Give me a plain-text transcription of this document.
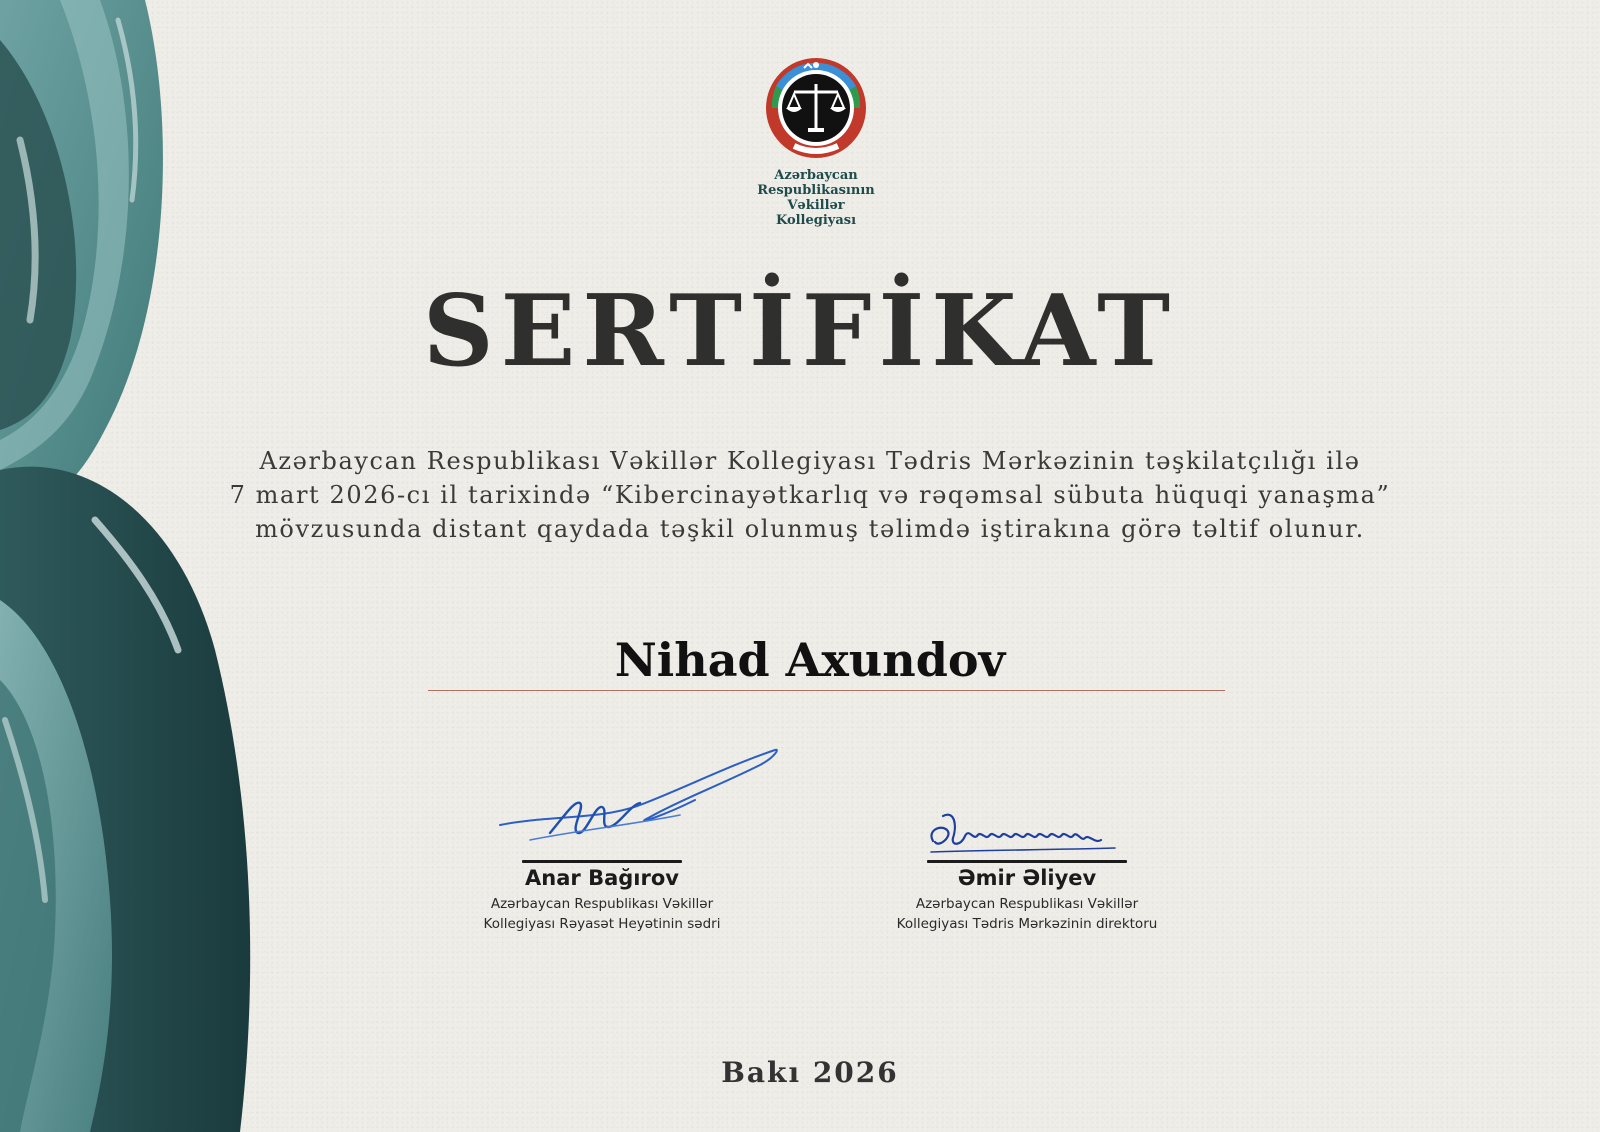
Azərbaycan
Respublikasının
Vəkillər
Kollegiyası
SERTİFİKAT
Azərbaycan Respublikası Vəkillər Kollegiyası Tədris Mərkəzinin təşkilatçılığı ilə
7 mart 2026-cı il tarixində “Kibercinayətkarlıq və rəqəmsal sübuta hüquqi yanaşma”
mövzusunda distant qaydada təşkil olunmuş təlimdə iştirakına görə təltif olunur.
Nihad Axundov
Anar Bağırov
Azərbaycan Respublikası Vəkillər
Kollegiyası Rəyasət Heyətinin sədri
Əmir Əliyev
Azərbaycan Respublikası Vəkillər
Kollegiyası Tədris Mərkəzinin direktoru
Bakı 2026
